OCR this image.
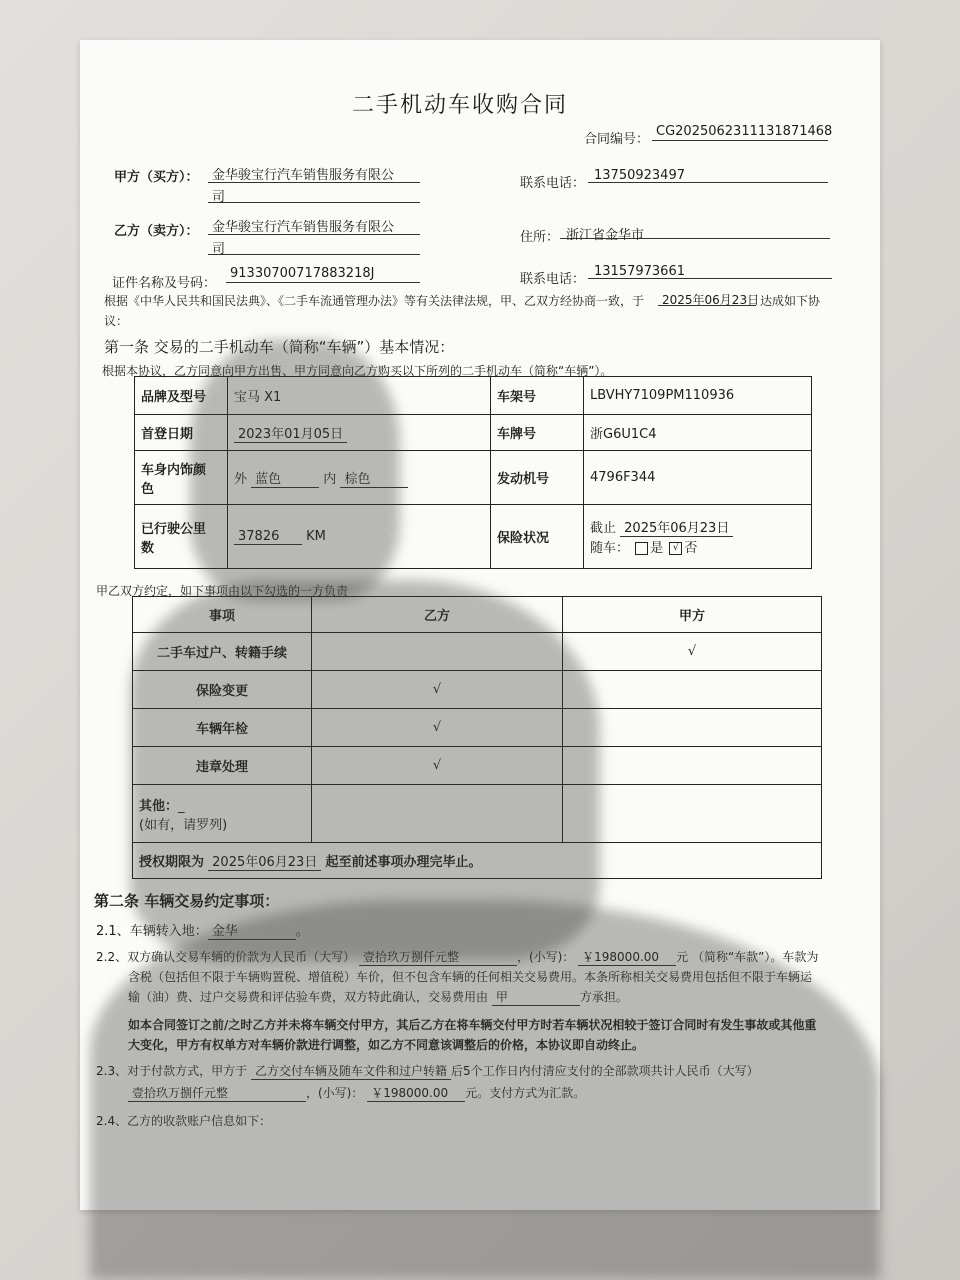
二手机动车收购合同
合同编号：
CG2025062311131871468
甲方（买方）： 金华骏宝行汽车销售服务有限公
司
联系电话：
13750923497
乙方（卖方）： 金华骏宝行汽车销售服务有限公
司
住所： 浙江省金华市
证件名称及号码：
91330700717883218J	联系电话：
13157973661
根据《中华人民共和国民法典》、《二手车流通管理办法》等有关法律法规，甲、乙双方经协商一致，于 2025年06月23日 达成如下协
议：
第一条 交易的二手机动车（简称“车辆”）基本情况：
根据本协议，乙方同意向甲方出售、甲方同意向乙方购买以下所列的二手机动车（简称“车辆”）。
品牌及型号	宝马 X1	车架号	LBVHY7109PM110936
首登日期	2023年01月05日	车牌号	浙G6U1C4
车身内饰颜
色	外 蓝色 内 棕色	发动机号	4796F344
已行驶公里
数	37826 KM	保险状况	截止 2025年06月23日
随车： 是 √ 否
甲乙双方约定，如下事项由以下勾选的一方负责
事项	乙方	甲方
二手车过户、转籍手续		√
保险变更	√	
车辆年检	√	
违章处理	√	
其他：_
(如有，请罗列)		
授权期限为 2025年06月23日 起至前述事项办理完毕止。		
第二条 车辆交易约定事项：
2.1、车辆转入地： 金华	。
2.2、双方确认交易车辆的价款为人民币（大写） 壹拾玖万捌仟元整	，(小写)： ￥198000.00 元 （简称“车款”）。车款为
含税（包括但不限于车辆购置税、增值税）车价，但不包含车辆的任何相关交易费用。本条所称相关交易费用包括但不限于车辆运
输（油）费、过户交易费和评估验车费，双方特此确认，交易费用由 甲	方承担。
如本合同签订之前/之时乙方并未将车辆交付甲方，其后乙方在将车辆交付甲方时若车辆状况相较于签订合同时有发生事故或其他重
大变化，甲方有权单方对车辆价款进行调整，如乙方不同意该调整后的价格，本协议即自动终止。
2.3、对于付款方式，甲方于 乙方交付车辆及随车文件和过户转籍 后5个工作日内付清应支付的全部款项共计人民币（大写）
壹拾玖万捌仟元整	，(小写)： ￥198000.00 元。支付方式为汇款。
2.4、乙方的收款账户信息如下：
